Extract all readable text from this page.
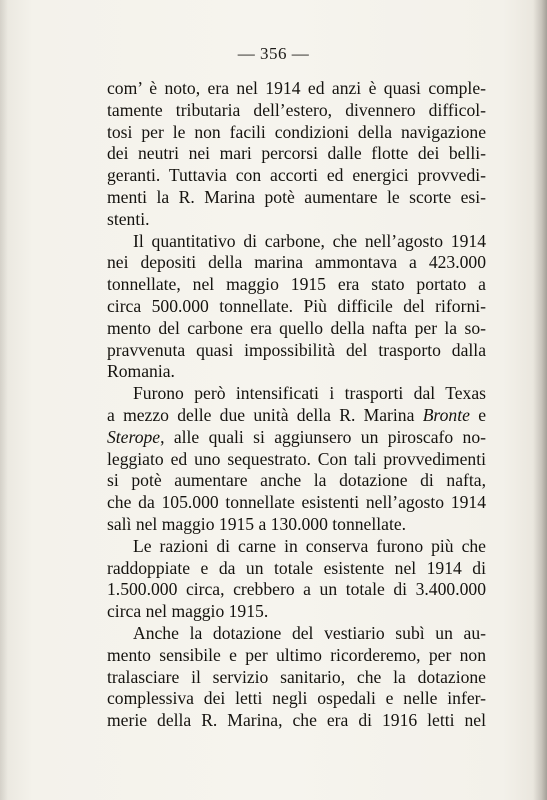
— 356 —
com’ è noto, era nel 1914 ed anzi è quasi comple-
tamente tributaria dell’estero, divennero difficol-
tosi per le non facili condizioni della navigazione
dei neutri nei mari percorsi dalle flotte dei belli-
geranti. Tuttavia con accorti ed energici provvedi-
menti la R. Marina potè aumentare le scorte esi-
stenti.
Il quantitativo di carbone, che nell’agosto 1914
nei depositi della marina ammontava a 423.000
tonnellate, nel maggio 1915 era stato portato a
circa 500.000 tonnellate. Più difficile del riforni-
mento del carbone era quello della nafta per la so-
pravvenuta quasi impossibilità del trasporto dalla
Romania.
Furono però intensificati i trasporti dal Texas
a mezzo delle due unità della R. Marina Bronte e
Sterope, alle quali si aggiunsero un piroscafo no-
leggiato ed uno sequestrato. Con tali provvedimenti
si potè aumentare anche la dotazione di nafta,
che da 105.000 tonnellate esistenti nell’agosto 1914
salì nel maggio 1915 a 130.000 tonnellate.
Le razioni di carne in conserva furono più che
raddoppiate e da un totale esistente nel 1914 di
1.500.000 circa, crebbero a un totale di 3.400.000
circa nel maggio 1915.
Anche la dotazione del vestiario subì un au-
mento sensibile e per ultimo ricorderemo, per non
tralasciare il servizio sanitario, che la dotazione
complessiva dei letti negli ospedali e nelle infer-
merie della R. Marina, che era di 1916 letti nel
